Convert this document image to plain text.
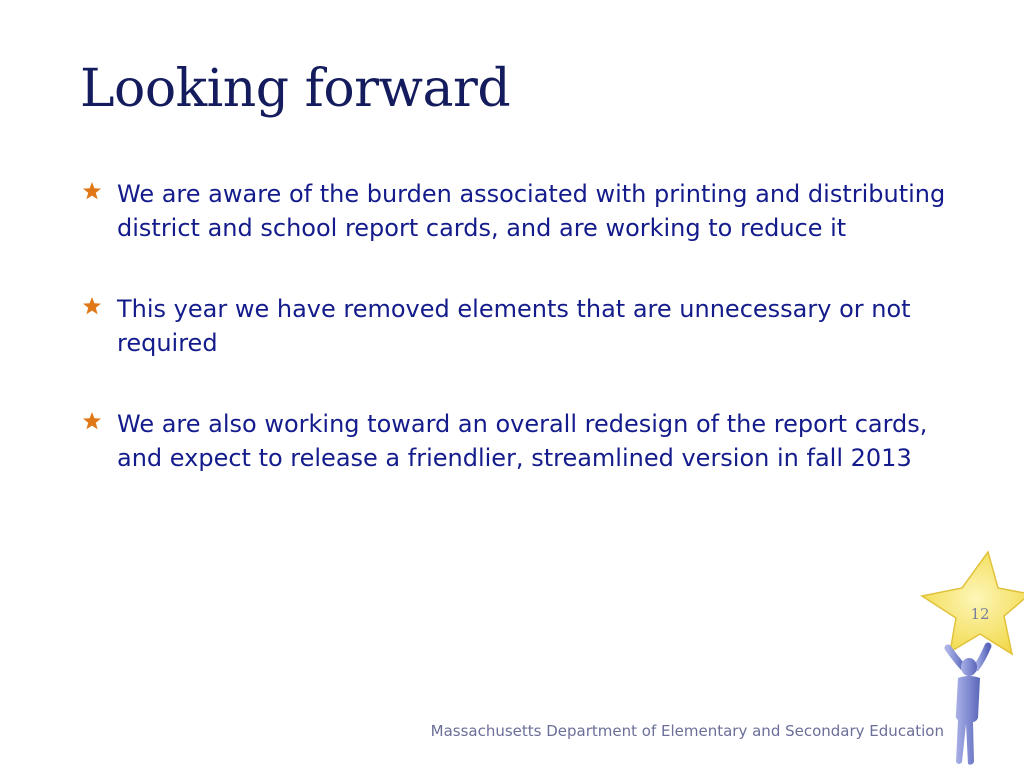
Looking forward
We are aware of the burden associated with printing and distributing district and school report cards, and are working to reduce it
This year we have removed elements that are unnecessary or not required
We are also working toward an overall redesign of the report cards, and expect to release a friendlier, streamlined version in fall 2013
Massachusetts Department of Elementary and Secondary Education
12
